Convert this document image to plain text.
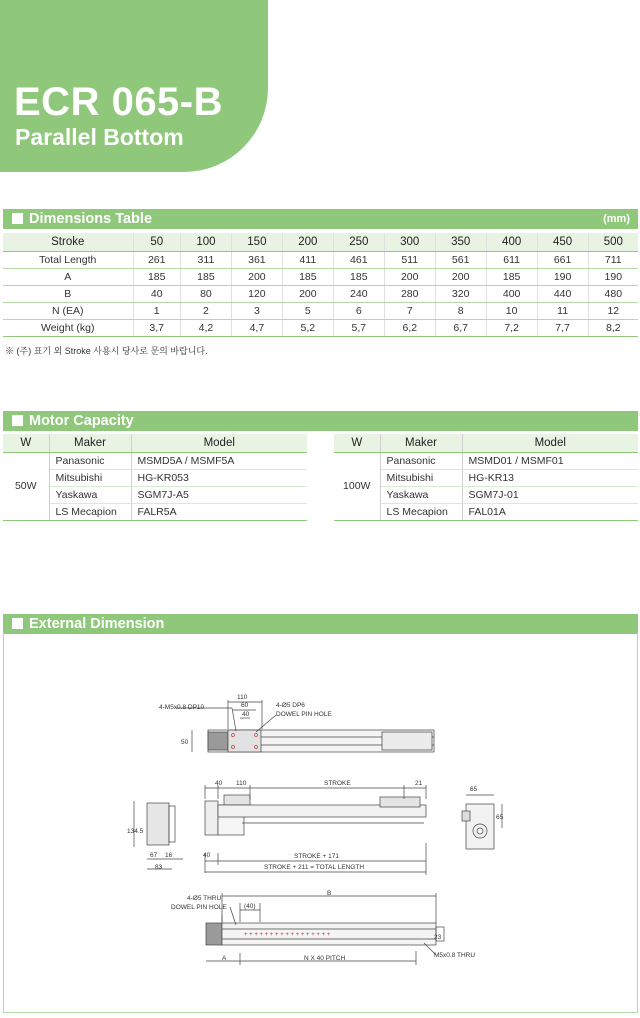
ECR 065-B
Parallel Bottom
Dimensions Table	(mm)
Stroke	50	100	150	200	250	300	350	400	450	500
Total Length	261	311	361	411	461	511	561	611	661	711
A	185	185	200	185	185	200	200	185	190	190
B	40	80	120	200	240	280	320	400	440	480
N (EA)	1	2	3	5	6	7	8	10	11	12
Weight (kg)	3,7	4,2	4,7	5,2	5,7	6,2	6,7	7,2	7,7	8,2
※ (주) 표기 외 Stroke 사용시 당사로 문의 바랍니다.
Motor Capacity
W	Maker	Model
50W	Panasonic	MSMD5A / MSMF5A
	Mitsubishi	HG-KR053
	Yaskawa	SGM7J-A5
	LS Mecapion	FALR5A
W	Maker	Model
100W	Panasonic	MSMD01 / MSMF01
	Mitsubishi	HG-KR13
	Yaskawa	SGM7J-01
	LS Mecapion	FAL01A
External Dimension
+ + + + + + + + + + + + + + + + +
4-M5x0.8 DP10
110
60
40
4-Ø5 DP6
DOWEL PIN HOLE
50
40 110	STROKE	21
134.5
67 16
83
40	STROKE + 171
STROKE + 211 = TOTAL LENGTH
65
65
4-Ø5 THRU
DOWEL PIN HOLE
B
(40)
23
A	N X 40 PITCH	M5x0.8 THRU
